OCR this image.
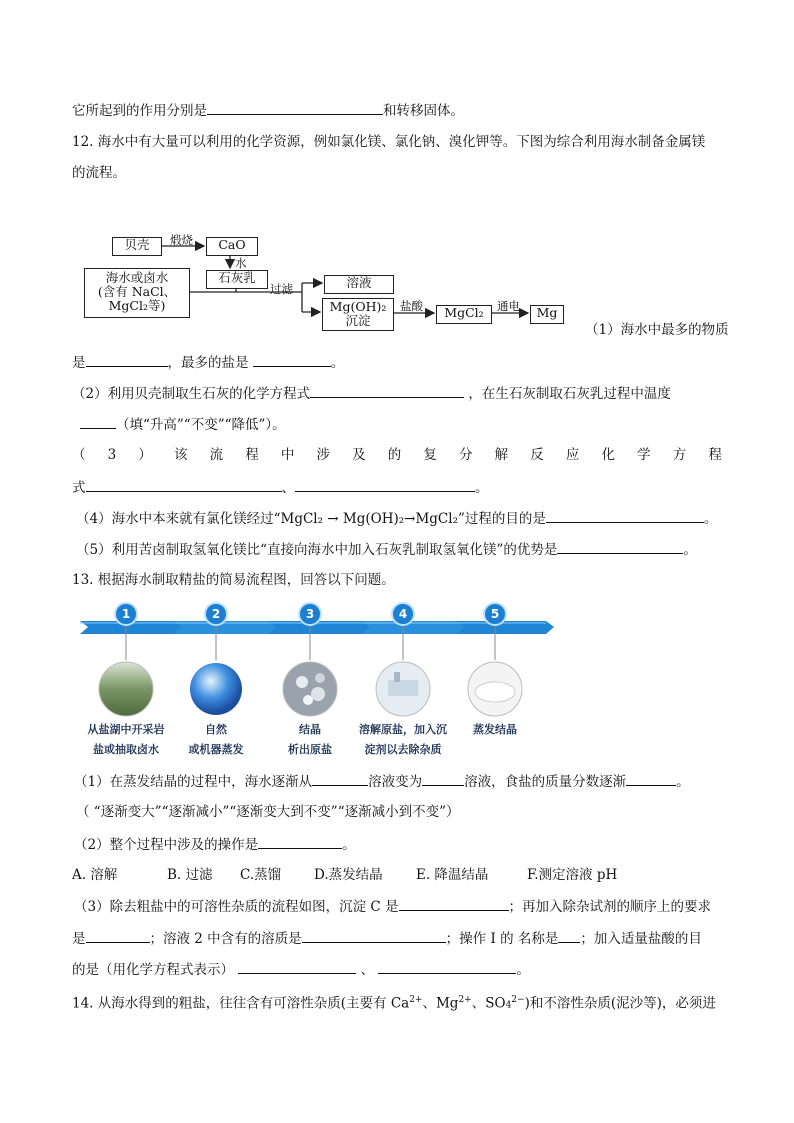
它所起到的作用分别是	和转移固体。
12. 海水中有大量可以利用的化学资源，例如氯化镁、氯化钠、溴化钾等。下图为综合利用海水制备金属镁
的流程。
贝壳	煅烧	CaO
水
石灰乳
海水或卤水
(含有 NaCl、
MgCl₂等)
过滤	溶液
Mg(OH)₂
沉淀
盐酸	MgCl₂	通电	Mg
（1）海水中最多的物质
是	，最多的盐是	。
（2）利用贝壳制取生石灰的化学方程式	，在生石灰制取石灰乳过程中温度
（填“升高”“不变”“降低”）。
（ 3 ） 该 流 程 中 涉 及 的 复 分 解 反 应 化 学 方 程
式	、	。
（4）海水中本来就有氯化镁经过“MgCl₂ → Mg(OH)₂→MgCl₂”过程的目的是	。
（5）利用苦卤制取氢氧化镁比“直接向海水中加入石灰乳制取氢氧化镁”的优势是	。
13. 根据海水制取精盐的简易流程图，回答以下问题。
1	2	3	4	5
从盐湖中开采岩
盐或抽取卤水
自然
或机器蒸发
结晶
析出原盐
溶解原盐，加入沉
淀剂以去除杂质
蒸发结晶
（1）在蒸发结晶的过程中，海水逐渐从	溶液变为	溶液，食盐的质量分数逐渐	。
（ “逐渐变大”“逐渐减小”“逐渐变大到不变”“逐渐减小到不变”）
（2）整个过程中涉及的操作是	。
A. 溶解	B. 过滤 C.蒸馏 D.蒸发结晶 E. 降温结晶	F.测定溶液 pH
（3）除去粗盐中的可溶性杂质的流程如图，沉淀 C 是	；再加入除杂试剂的顺序上的要求
是	；溶液 2 中含有的溶质是	；操作 I 的 名称是 ；加入适量盐酸的目
的是（用化学方程式表示）	、	。
14. 从海水得到的粗盐，往往含有可溶性杂质(主要有 $Ca^{2+}$、$Mg^{2+}$、$SO4^{2-}$)和不溶性杂质(泥沙等)，必须进
